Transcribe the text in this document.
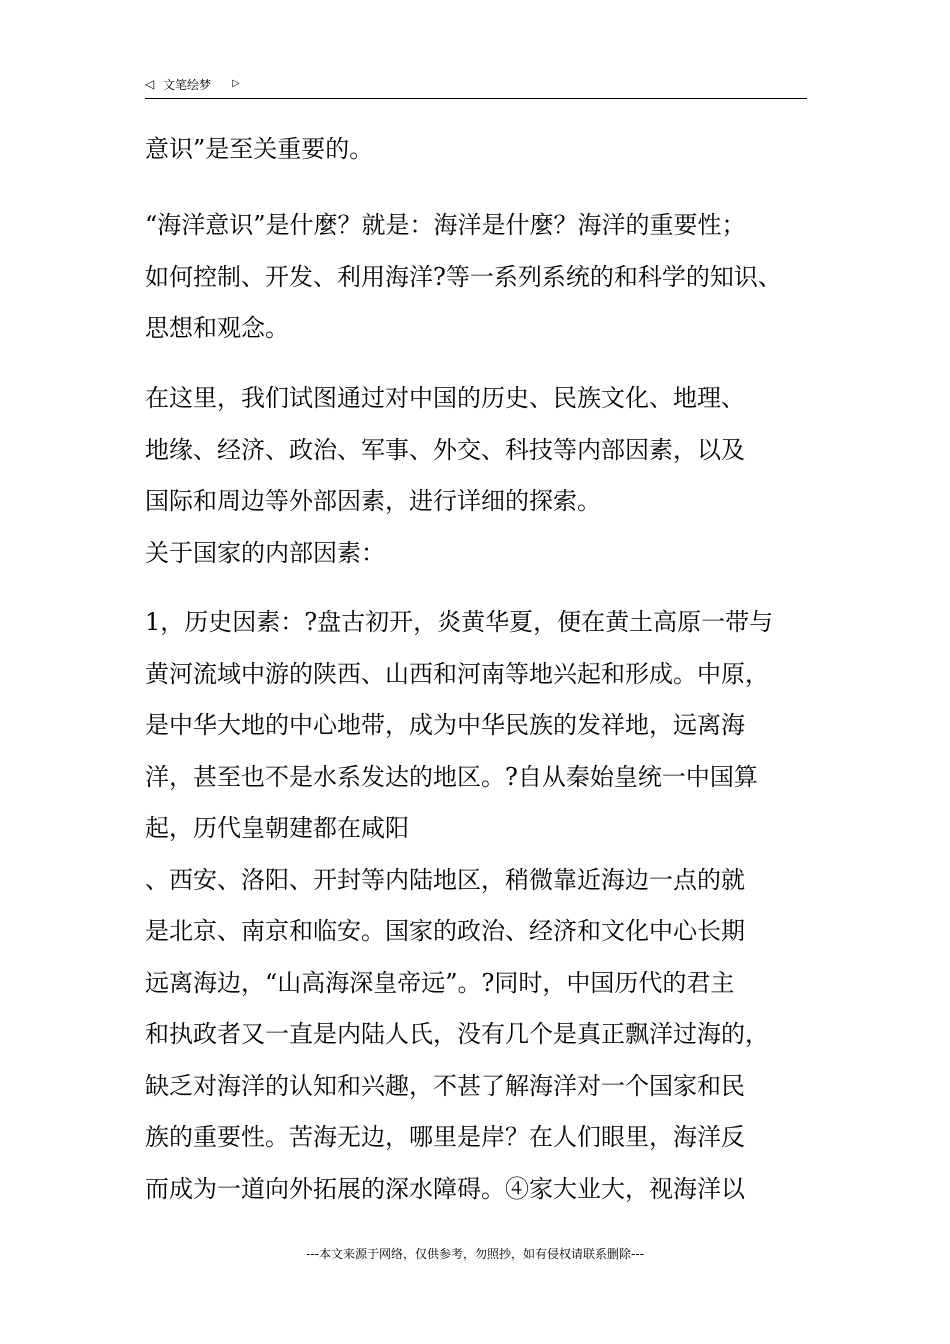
◁ 文笔绘梦 ▷
意识”是至关重要的。
“海洋意识”是什麼？就是：海洋是什麼？海洋的重要性；
如何控制、开发、利用海洋?等一系列系统的和科学的知识、
思想和观念。
在这里，我们试图通过对中国的历史、民族文化、地理、
地缘、经济、政治、军事、外交、科技等内部因素，以及
国际和周边等外部因素，进行详细的探索。
关于国家的内部因素：
1，历史因素：?盘古初开，炎黄华夏，便在黄土高原一带与
黄河流域中游的陕西、山西和河南等地兴起和形成。中原，
是中华大地的中心地带，成为中华民族的发祥地，远离海
洋，甚至也不是水系发达的地区。?自从秦始皇统一中国算
起，历代皇朝建都在咸阳
、西安、洛阳、开封等内陆地区，稍微靠近海边一点的就
是北京、南京和临安。国家的政治、经济和文化中心长期
远离海边，“山高海深皇帝远”。?同时，中国历代的君主
和执政者又一直是内陆人氏，没有几个是真正飘洋过海的，
缺乏对海洋的认知和兴趣，不甚了解海洋对一个国家和民
族的重要性。苦海无边，哪里是岸？在人们眼里，海洋反
而成为一道向外拓展的深水障碍。④家大业大，视海洋以
---本文来源于网络，仅供参考，勿照抄，如有侵权请联系删除---
